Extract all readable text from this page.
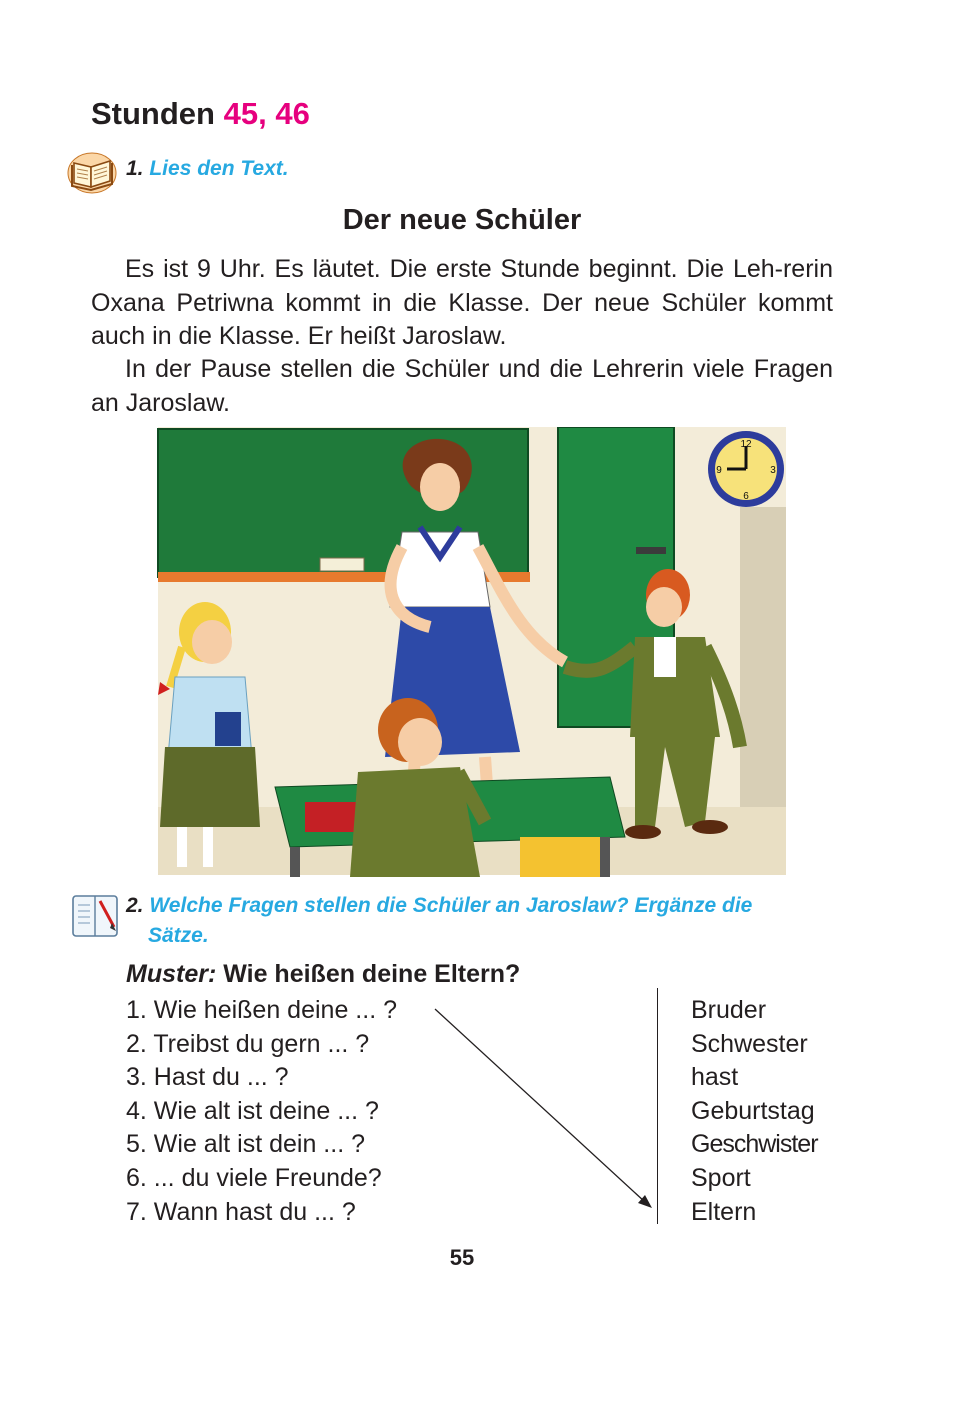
Stunden 45, 46
1. Lies den Text.
Der neue Schüler

Es ist 9 Uhr. Es läutet. Die erste Stunde beginnt. Die Leh-rerin Oxana Petriwna kommt in die Klasse. Der neue Schüler kommt auch in die Klasse. Er heißt Jaroslaw.

In der Pause stellen die Schüler und die Lehrerin viele Fragen an Jaroslaw.

12
3
6
9
2. Welche Fragen stellen die Schüler an Jaroslaw? Ergänze die
Sätze.
Muster: Wie heißen deine Eltern?
1. Wie heißen deine ... ?
2. Treibst du gern ... ?
3. Hast du ... ?
4. Wie alt ist deine ... ?
5. Wie alt ist dein ... ?
6. ... du viele Freunde?
7. Wann hast du ... ?
Bruder
Schwester
hast
Geburtstag
Geschwister
Sport
Eltern
55
